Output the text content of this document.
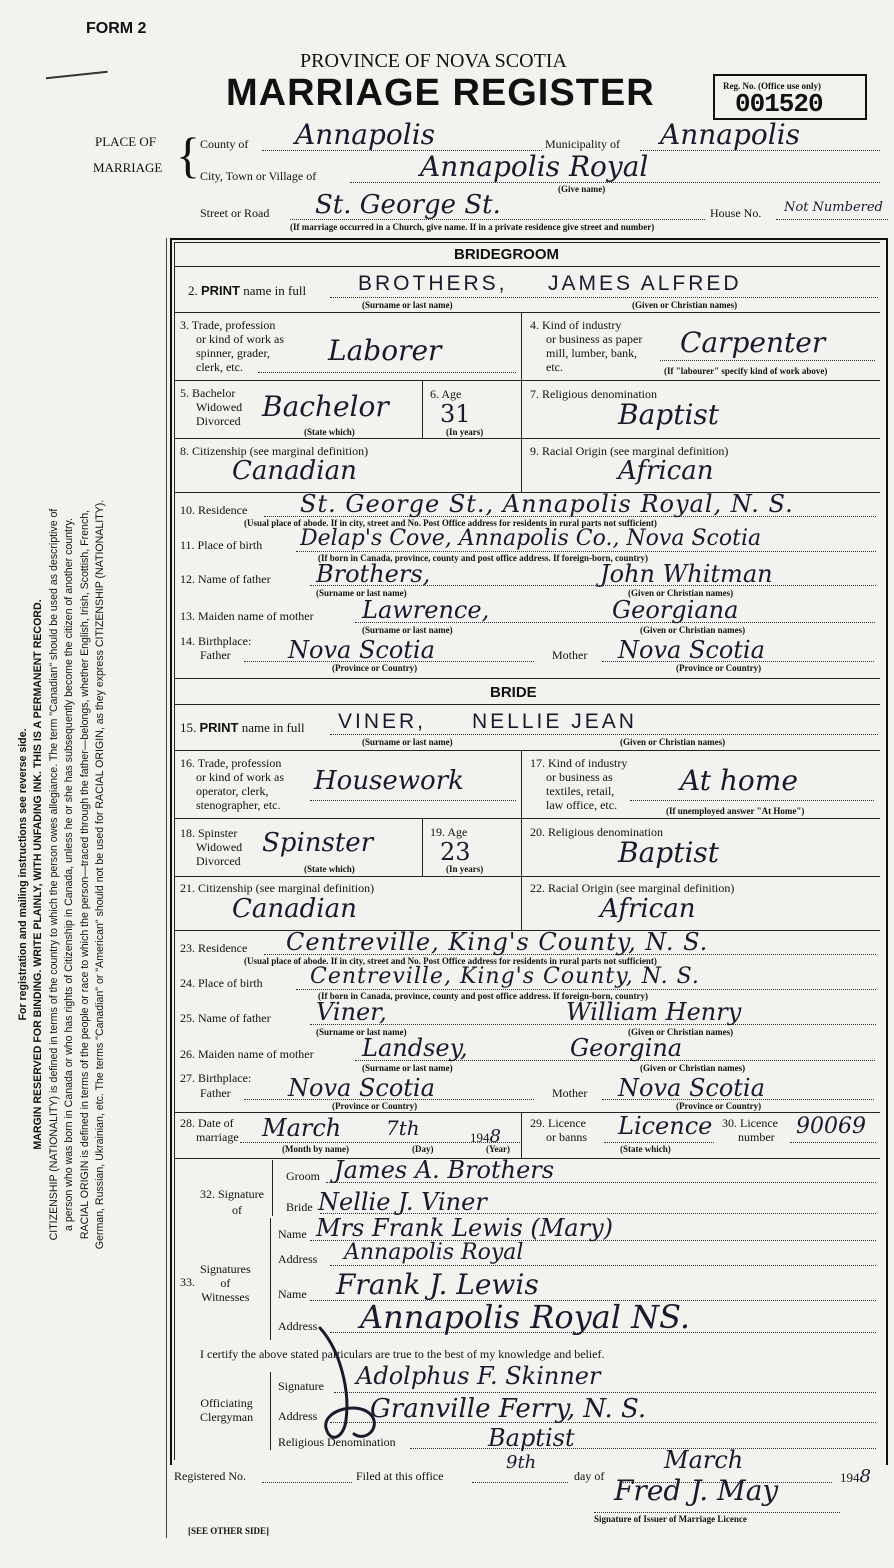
FORM 2
PROVINCE OF NOVA SCOTIA
MARRIAGE REGISTER	Reg. No. (Office use only)
001520
PLACE OF
MARRIAGE { County of Annapolis	Municipality of Annapolis
City, Town or Village of	Annapolis Royal
(Give name)
Street or Road St. George St.	House No. Not Numbered
(If marriage occurred in a Church, give name. If in a private residence give street and number)
BRIDEGROOM
2. PRINT name in full BROTHERS, JAMES ALFRED
(Surname or last name)	(Given or Christian names)
3. Trade, profession
or kind of work as
spinner, grader,
clerk, etc.	Laborer
4. Kind of industry
or business as paper
mill, lumber, bank,
etc.
Carpenter
(If "labourer" specify kind of work above)
5. Bachelor
Widowed
Divorced Bachelor
(State which)
6. Age
31
(In years)
7. Religious denomination
Baptist
8. Citizenship (see marginal definition)
Canadian
9. Racial Origin (see marginal definition)
African
10. Residence St. George St., Annapolis Royal, N. S.
(Usual place of abode. If in city, street and No. Post Office address for residents in rural parts not sufficient)
11. Place of birth Delap's Cove, Annapolis Co., Nova Scotia
(If born in Canada, province, county and post office address. If foreign-born, country)
12. Name of father Brothers,	John Whitman
(Surname or last name)	(Given or Christian names)
13. Maiden name of mother Lawrence,	Georgiana
(Surname or last name)	(Given or Christian names)
14. Birthplace:
Father Nova Scotia	Mother Nova Scotia
(Province or Country)	(Province or Country)
BRIDE
15. PRINT name in full VINER, NELLIE JEAN
(Surname or last name)	(Given or Christian names)
16. Trade, profession
or kind of work as
operator, clerk,
stenographer, etc.
Housework
17. Kind of industry
or business as
textiles, retail,
law office, etc.
At home
(If unemployed answer "At Home")
18. Spinster
Widowed
Divorced
Spinster
(State which)
19. Age
23
(In years)
20. Religious denomination
Baptist
21. Citizenship (see marginal definition)
Canadian
22. Racial Origin (see marginal definition)
African
23. Residence Centreville, King's County, N. S.
(Usual place of abode. If in city, street and No. Post Office address for residents in rural parts not sufficient)
24. Place of birth Centreville, King's County, N. S.
(If born in Canada, province, county and post office address. If foreign-born, country)
25. Name of father Viner,	William Henry
(Surname or last name)	(Given or Christian names)
26. Maiden name of mother Landsey,	Georgina
(Surname or last name)	(Given or Christian names)
27. Birthplace:
Father Nova Scotia	Mother Nova Scotia
(Province or Country)	(Province or Country)
28. Date of
marriage March 7th	1948
(Month by name)	(Day)	(Year)
29. Licence
or banns Licence
(State which)
30. Licence
number 90069
32. Signature
of
Groom James A. Brothers
Bride Nellie J. Viner
33.
Signatures
of
Witnesses
Name Mrs Frank Lewis (Mary)
Address Annapolis Royal
Name Frank J. Lewis
Address Annapolis Royal NS.
I certify the above stated particulars are true to the best of my knowledge and belief.
Officiating
Clergyman
Signature Adolphus F. Skinner
Address Granville Ferry, N. S.
Religious Denomination	Baptist
Registered No.	Filed at this office
9th
day of
March
1948
Fred J. May
Signature of Issuer of Marriage Licence
[SEE OTHER SIDE]
For registration and mailing instructions see reverse side. MARGIN RESERVED FOR BINDING. WRITE PLAINLY, WITH UNFADING INK. THIS IS A PERMANENT RECORD. CITIZENSHIP (NATIONALITY) is defined in terms of the country to which the person owes allegiance. The term "Canadian" should be used as descriptive of a person who was born in Canada or who has rights of Citizenship in Canada, unless he or she has subsequently become the citizen of another country. RACIAL ORIGIN is defined in terms of the people or race to which the person—traced through the father—belongs, whether English, Irish, Scottish, French, German, Russian, Ukrainian, etc. The terms "Canadian" or "American" should not be used for RACIAL ORIGIN, as they express CITIZENSHIP (NATIONALITY).
